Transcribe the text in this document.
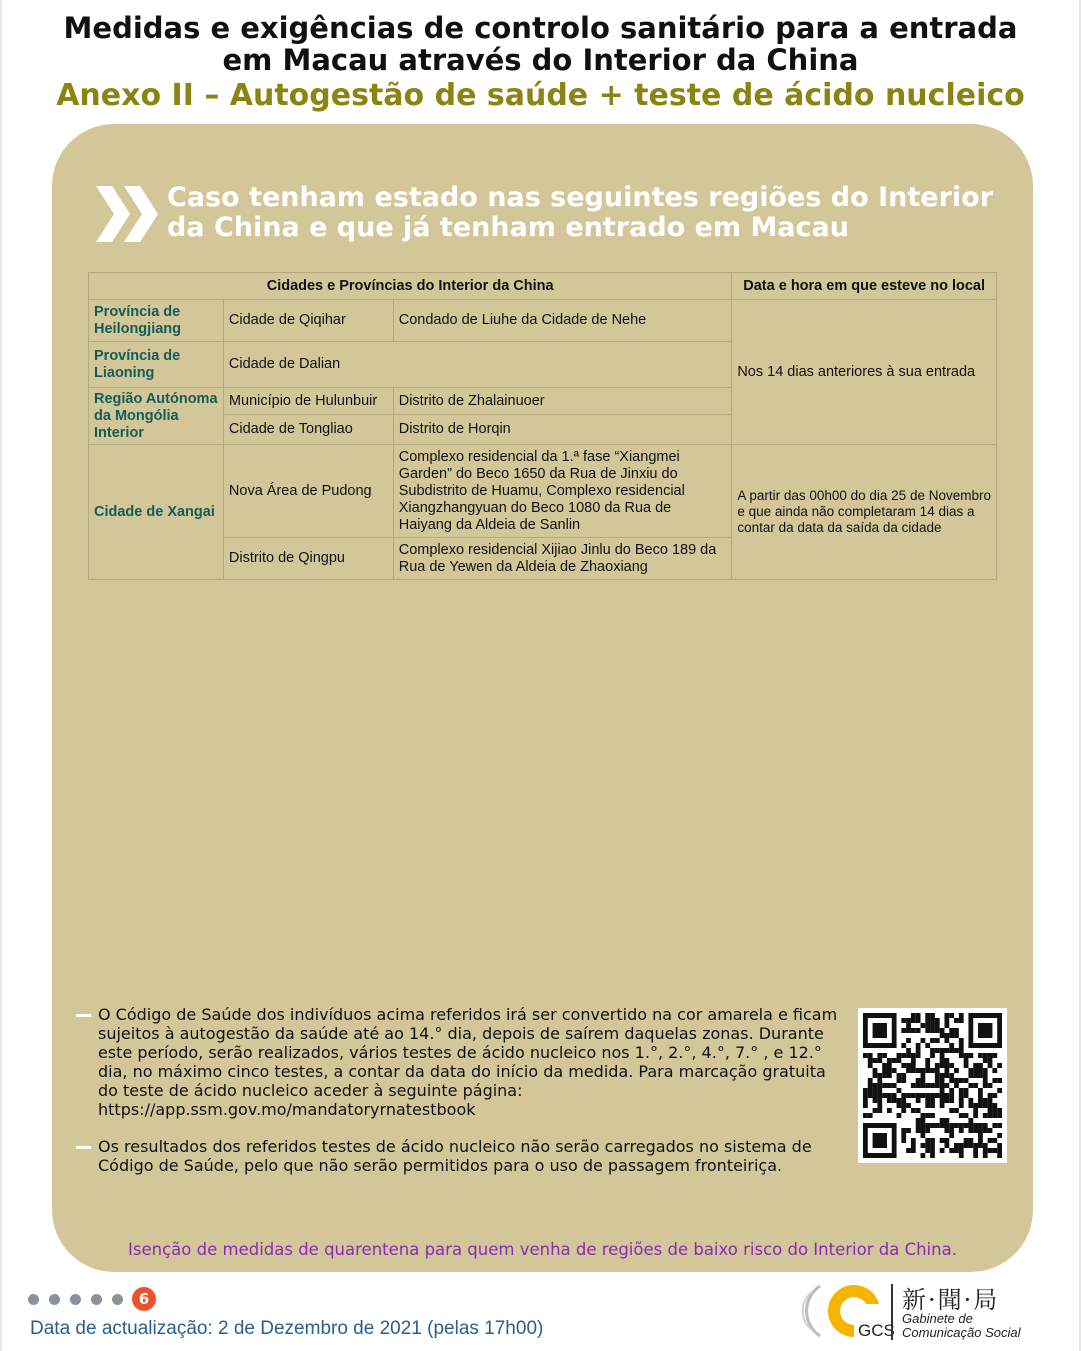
Medidas e exigências de controlo sanitário para a entrada
em Macau através do Interior da China
Anexo II – Autogestão de saúde + teste de ácido nucleico
Caso tenham estado nas seguintes regiões do Interior
da China e que já tenham entrado em Macau
Cidades e Províncias do Interior da China			Data e hora em que esteve no local
Província de Heilongjiang	Cidade de Qiqihar	Condado de Liuhe da Cidade de Nehe	Nos 14 dias anteriores à sua entrada
Província de Liaoning	Cidade de Dalian		
Região Autónoma da Mongólia Interior	Município de Hulunbuir	Distrito de Zhalainuoer	
	Cidade de Tongliao	Distrito de Horqin	
Cidade de Xangai	Nova Área de Pudong	Complexo residencial da 1.ª fase “Xiangmei Garden” do Beco 1650 da Rua de Jinxiu do Subdistrito de Huamu, Complexo residencial Xiangzhangyuan do Beco 1080 da Rua de Haiyang da Aldeia de Sanlin	A partir das 00h00 do dia 25 de Novembro e que ainda não completaram 14 dias a contar da data da saída da cidade
	Distrito de Qingpu	Complexo residencial Xijiao Jinlu do Beco 189 da Rua de Yewen da Aldeia de Zhaoxiang	
O Código de Saúde dos indivíduos acima referidos irá ser convertido na cor amarela e ficam sujeitos à autogestão da saúde até ao 14.° dia, depois de saírem daquelas zonas. Durante este período, serão realizados, vários testes de ácido nucleico nos 1.°, 2.°, 4.°, 7.° , e 12.° dia, no máximo cinco testes, a contar da data do início da medida. Para marcação gratuita do teste de ácido nucleico aceder à seguinte página:
https://app.ssm.gov.mo/mandatoryrnatestbook
Os resultados dos referidos testes de ácido nucleico não serão carregados no sistema de Código de Saúde, pelo que não serão permitidos para o uso de passagem fronteiriça.
Isenção de medidas de quarentena para quem venha de regiões de baixo risco do Interior da China.
6
Data de actualização: 2 de Dezembro de 2021 (pelas 17h00)	GCS
新·聞·局
Gabinete de
Comunicação Social
